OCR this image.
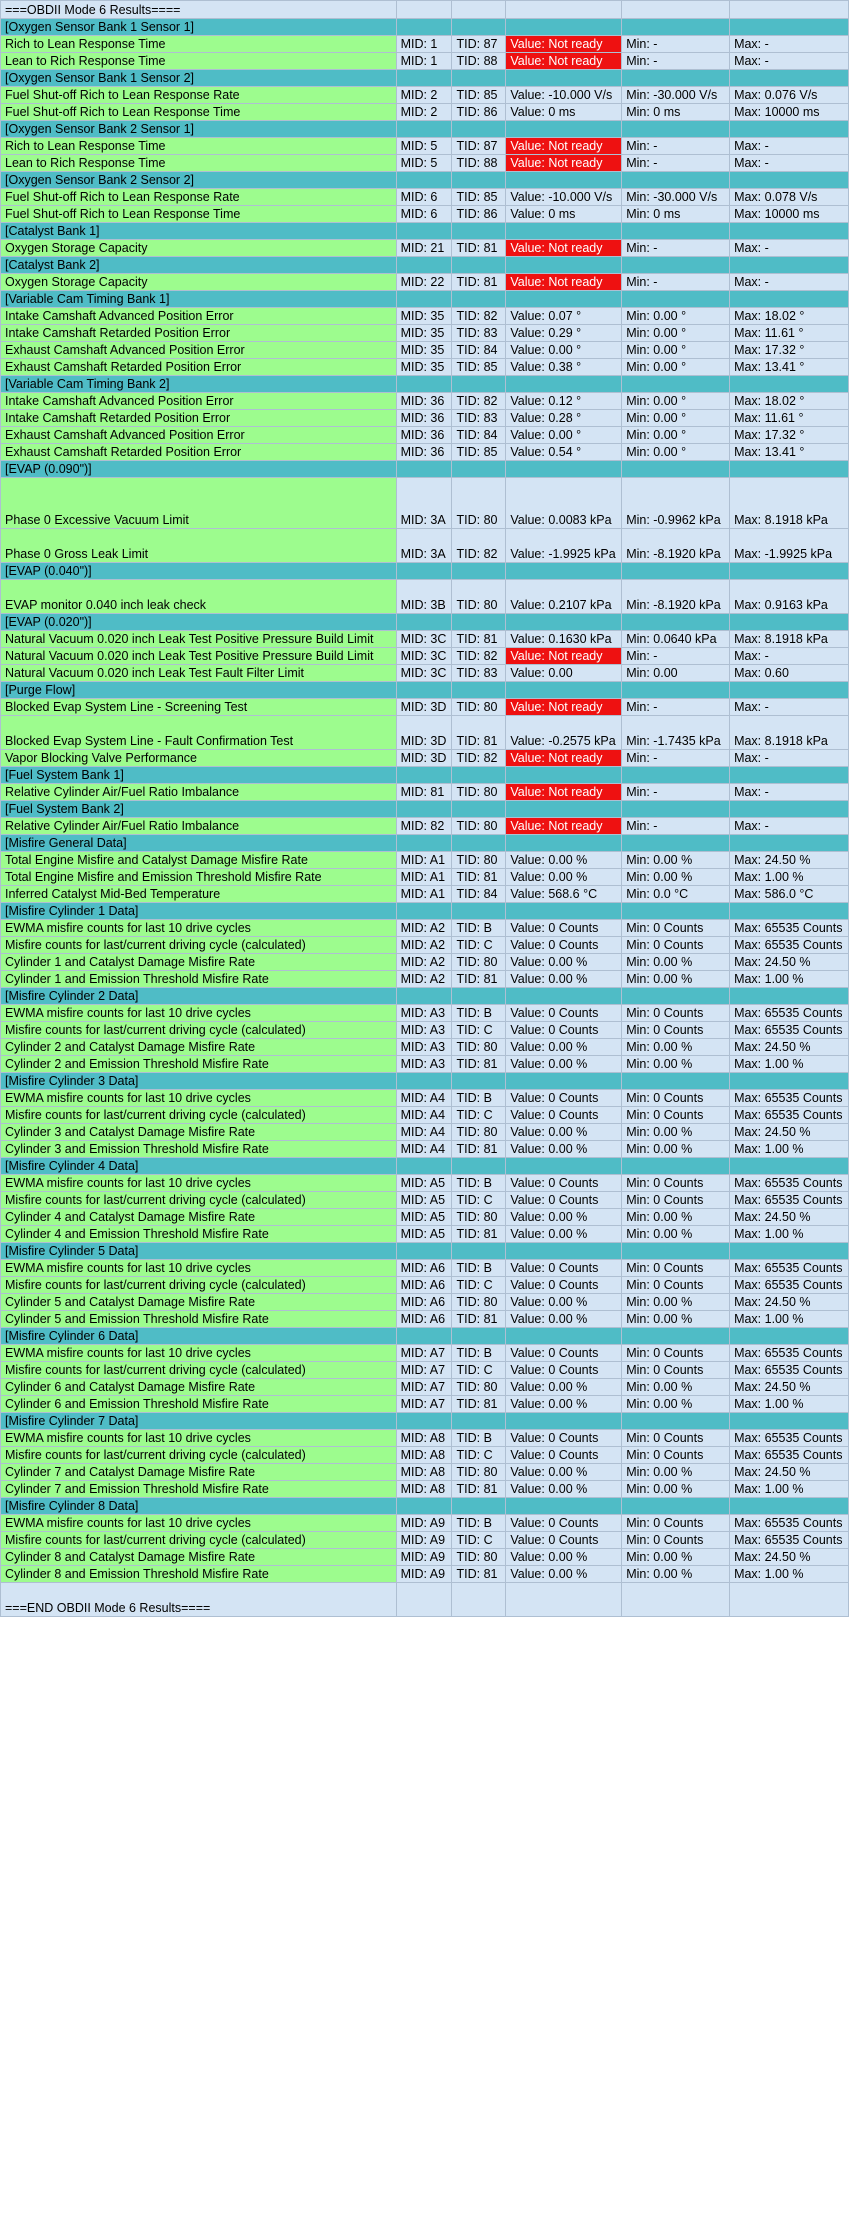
===OBDII Mode 6 Results====					
[Oxygen Sensor Bank 1 Sensor 1]					
Rich to Lean Response Time	MID: 1	TID: 87	Value: Not ready	Min: -	Max: -
Lean to Rich Response Time	MID: 1	TID: 88	Value: Not ready	Min: -	Max: -
[Oxygen Sensor Bank 1 Sensor 2]					
Fuel Shut-off Rich to Lean Response Rate	MID: 2	TID: 85	Value: -10.000 V/s	Min: -30.000 V/s	Max: 0.076 V/s
Fuel Shut-off Rich to Lean Response Time	MID: 2	TID: 86	Value: 0 ms	Min: 0 ms	Max: 10000 ms
[Oxygen Sensor Bank 2 Sensor 1]					
Rich to Lean Response Time	MID: 5	TID: 87	Value: Not ready	Min: -	Max: -
Lean to Rich Response Time	MID: 5	TID: 88	Value: Not ready	Min: -	Max: -
[Oxygen Sensor Bank 2 Sensor 2]					
Fuel Shut-off Rich to Lean Response Rate	MID: 6	TID: 85	Value: -10.000 V/s	Min: -30.000 V/s	Max: 0.078 V/s
Fuel Shut-off Rich to Lean Response Time	MID: 6	TID: 86	Value: 0 ms	Min: 0 ms	Max: 10000 ms
[Catalyst Bank 1]					
Oxygen Storage Capacity	MID: 21	TID: 81	Value: Not ready	Min: -	Max: -
[Catalyst Bank 2]					
Oxygen Storage Capacity	MID: 22	TID: 81	Value: Not ready	Min: -	Max: -
[Variable Cam Timing Bank 1]					
Intake Camshaft Advanced Position Error	MID: 35	TID: 82	Value: 0.07 °	Min: 0.00 °	Max: 18.02 °
Intake Camshaft Retarded Position Error	MID: 35	TID: 83	Value: 0.29 °	Min: 0.00 °	Max: 11.61 °
Exhaust Camshaft Advanced Position Error	MID: 35	TID: 84	Value: 0.00 °	Min: 0.00 °	Max: 17.32 °
Exhaust Camshaft Retarded Position Error	MID: 35	TID: 85	Value: 0.38 °	Min: 0.00 °	Max: 13.41 °
[Variable Cam Timing Bank 2]					
Intake Camshaft Advanced Position Error	MID: 36	TID: 82	Value: 0.12 °	Min: 0.00 °	Max: 18.02 °
Intake Camshaft Retarded Position Error	MID: 36	TID: 83	Value: 0.28 °	Min: 0.00 °	Max: 11.61 °
Exhaust Camshaft Advanced Position Error	MID: 36	TID: 84	Value: 0.00 °	Min: 0.00 °	Max: 17.32 °
Exhaust Camshaft Retarded Position Error	MID: 36	TID: 85	Value: 0.54 °	Min: 0.00 °	Max: 13.41 °
[EVAP (0.090")]					
Phase 0 Excessive Vacuum Limit	MID: 3A	TID: 80	Value: 0.0083 kPa	Min: -0.9962 kPa	Max: 8.1918 kPa
Phase 0 Gross Leak Limit	MID: 3A	TID: 82	Value: -1.9925 kPa	Min: -8.1920 kPa	Max: -1.9925 kPa
[EVAP (0.040")]					
EVAP monitor 0.040 inch leak check	MID: 3B	TID: 80	Value: 0.2107 kPa	Min: -8.1920 kPa	Max: 0.9163 kPa
[EVAP (0.020")]					
Natural Vacuum 0.020 inch Leak Test Positive Pressure Build Limit	MID: 3C	TID: 81	Value: 0.1630 kPa	Min: 0.0640 kPa	Max: 8.1918 kPa
Natural Vacuum 0.020 inch Leak Test Positive Pressure Build Limit	MID: 3C	TID: 82	Value: Not ready	Min: -	Max: -
Natural Vacuum 0.020 inch Leak Test Fault Filter Limit	MID: 3C	TID: 83	Value: 0.00	Min: 0.00	Max: 0.60
[Purge Flow]					
Blocked Evap System Line - Screening Test	MID: 3D	TID: 80	Value: Not ready	Min: -	Max: -
Blocked Evap System Line - Fault Confirmation Test	MID: 3D	TID: 81	Value: -0.2575 kPa	Min: -1.7435 kPa	Max: 8.1918 kPa
Vapor Blocking Valve Performance	MID: 3D	TID: 82	Value: Not ready	Min: -	Max: -
[Fuel System Bank 1]					
Relative Cylinder Air/Fuel Ratio Imbalance	MID: 81	TID: 80	Value: Not ready	Min: -	Max: -
[Fuel System Bank 2]					
Relative Cylinder Air/Fuel Ratio Imbalance	MID: 82	TID: 80	Value: Not ready	Min: -	Max: -
[Misfire General Data]					
Total Engine Misfire and Catalyst Damage Misfire Rate	MID: A1	TID: 80	Value: 0.00 %	Min: 0.00 %	Max: 24.50 %
Total Engine Misfire and Emission Threshold Misfire Rate	MID: A1	TID: 81	Value: 0.00 %	Min: 0.00 %	Max: 1.00 %
Inferred Catalyst Mid-Bed Temperature	MID: A1	TID: 84	Value: 568.6 °C	Min: 0.0 °C	Max: 586.0 °C
[Misfire Cylinder 1 Data]					
EWMA misfire counts for last 10 drive cycles	MID: A2	TID: B	Value: 0 Counts	Min: 0 Counts	Max: 65535 Counts
Misfire counts for last/current driving cycle (calculated)	MID: A2	TID: C	Value: 0 Counts	Min: 0 Counts	Max: 65535 Counts
Cylinder 1 and Catalyst Damage Misfire Rate	MID: A2	TID: 80	Value: 0.00 %	Min: 0.00 %	Max: 24.50 %
Cylinder 1 and Emission Threshold Misfire Rate	MID: A2	TID: 81	Value: 0.00 %	Min: 0.00 %	Max: 1.00 %
[Misfire Cylinder 2 Data]					
EWMA misfire counts for last 10 drive cycles	MID: A3	TID: B	Value: 0 Counts	Min: 0 Counts	Max: 65535 Counts
Misfire counts for last/current driving cycle (calculated)	MID: A3	TID: C	Value: 0 Counts	Min: 0 Counts	Max: 65535 Counts
Cylinder 2 and Catalyst Damage Misfire Rate	MID: A3	TID: 80	Value: 0.00 %	Min: 0.00 %	Max: 24.50 %
Cylinder 2 and Emission Threshold Misfire Rate	MID: A3	TID: 81	Value: 0.00 %	Min: 0.00 %	Max: 1.00 %
[Misfire Cylinder 3 Data]					
EWMA misfire counts for last 10 drive cycles	MID: A4	TID: B	Value: 0 Counts	Min: 0 Counts	Max: 65535 Counts
Misfire counts for last/current driving cycle (calculated)	MID: A4	TID: C	Value: 0 Counts	Min: 0 Counts	Max: 65535 Counts
Cylinder 3 and Catalyst Damage Misfire Rate	MID: A4	TID: 80	Value: 0.00 %	Min: 0.00 %	Max: 24.50 %
Cylinder 3 and Emission Threshold Misfire Rate	MID: A4	TID: 81	Value: 0.00 %	Min: 0.00 %	Max: 1.00 %
[Misfire Cylinder 4 Data]					
EWMA misfire counts for last 10 drive cycles	MID: A5	TID: B	Value: 0 Counts	Min: 0 Counts	Max: 65535 Counts
Misfire counts for last/current driving cycle (calculated)	MID: A5	TID: C	Value: 0 Counts	Min: 0 Counts	Max: 65535 Counts
Cylinder 4 and Catalyst Damage Misfire Rate	MID: A5	TID: 80	Value: 0.00 %	Min: 0.00 %	Max: 24.50 %
Cylinder 4 and Emission Threshold Misfire Rate	MID: A5	TID: 81	Value: 0.00 %	Min: 0.00 %	Max: 1.00 %
[Misfire Cylinder 5 Data]					
EWMA misfire counts for last 10 drive cycles	MID: A6	TID: B	Value: 0 Counts	Min: 0 Counts	Max: 65535 Counts
Misfire counts for last/current driving cycle (calculated)	MID: A6	TID: C	Value: 0 Counts	Min: 0 Counts	Max: 65535 Counts
Cylinder 5 and Catalyst Damage Misfire Rate	MID: A6	TID: 80	Value: 0.00 %	Min: 0.00 %	Max: 24.50 %
Cylinder 5 and Emission Threshold Misfire Rate	MID: A6	TID: 81	Value: 0.00 %	Min: 0.00 %	Max: 1.00 %
[Misfire Cylinder 6 Data]					
EWMA misfire counts for last 10 drive cycles	MID: A7	TID: B	Value: 0 Counts	Min: 0 Counts	Max: 65535 Counts
Misfire counts for last/current driving cycle (calculated)	MID: A7	TID: C	Value: 0 Counts	Min: 0 Counts	Max: 65535 Counts
Cylinder 6 and Catalyst Damage Misfire Rate	MID: A7	TID: 80	Value: 0.00 %	Min: 0.00 %	Max: 24.50 %
Cylinder 6 and Emission Threshold Misfire Rate	MID: A7	TID: 81	Value: 0.00 %	Min: 0.00 %	Max: 1.00 %
[Misfire Cylinder 7 Data]					
EWMA misfire counts for last 10 drive cycles	MID: A8	TID: B	Value: 0 Counts	Min: 0 Counts	Max: 65535 Counts
Misfire counts for last/current driving cycle (calculated)	MID: A8	TID: C	Value: 0 Counts	Min: 0 Counts	Max: 65535 Counts
Cylinder 7 and Catalyst Damage Misfire Rate	MID: A8	TID: 80	Value: 0.00 %	Min: 0.00 %	Max: 24.50 %
Cylinder 7 and Emission Threshold Misfire Rate	MID: A8	TID: 81	Value: 0.00 %	Min: 0.00 %	Max: 1.00 %
[Misfire Cylinder 8 Data]					
EWMA misfire counts for last 10 drive cycles	MID: A9	TID: B	Value: 0 Counts	Min: 0 Counts	Max: 65535 Counts
Misfire counts for last/current driving cycle (calculated)	MID: A9	TID: C	Value: 0 Counts	Min: 0 Counts	Max: 65535 Counts
Cylinder 8 and Catalyst Damage Misfire Rate	MID: A9	TID: 80	Value: 0.00 %	Min: 0.00 %	Max: 24.50 %
Cylinder 8 and Emission Threshold Misfire Rate	MID: A9	TID: 81	Value: 0.00 %	Min: 0.00 %	Max: 1.00 %
===END OBDII Mode 6 Results====					
